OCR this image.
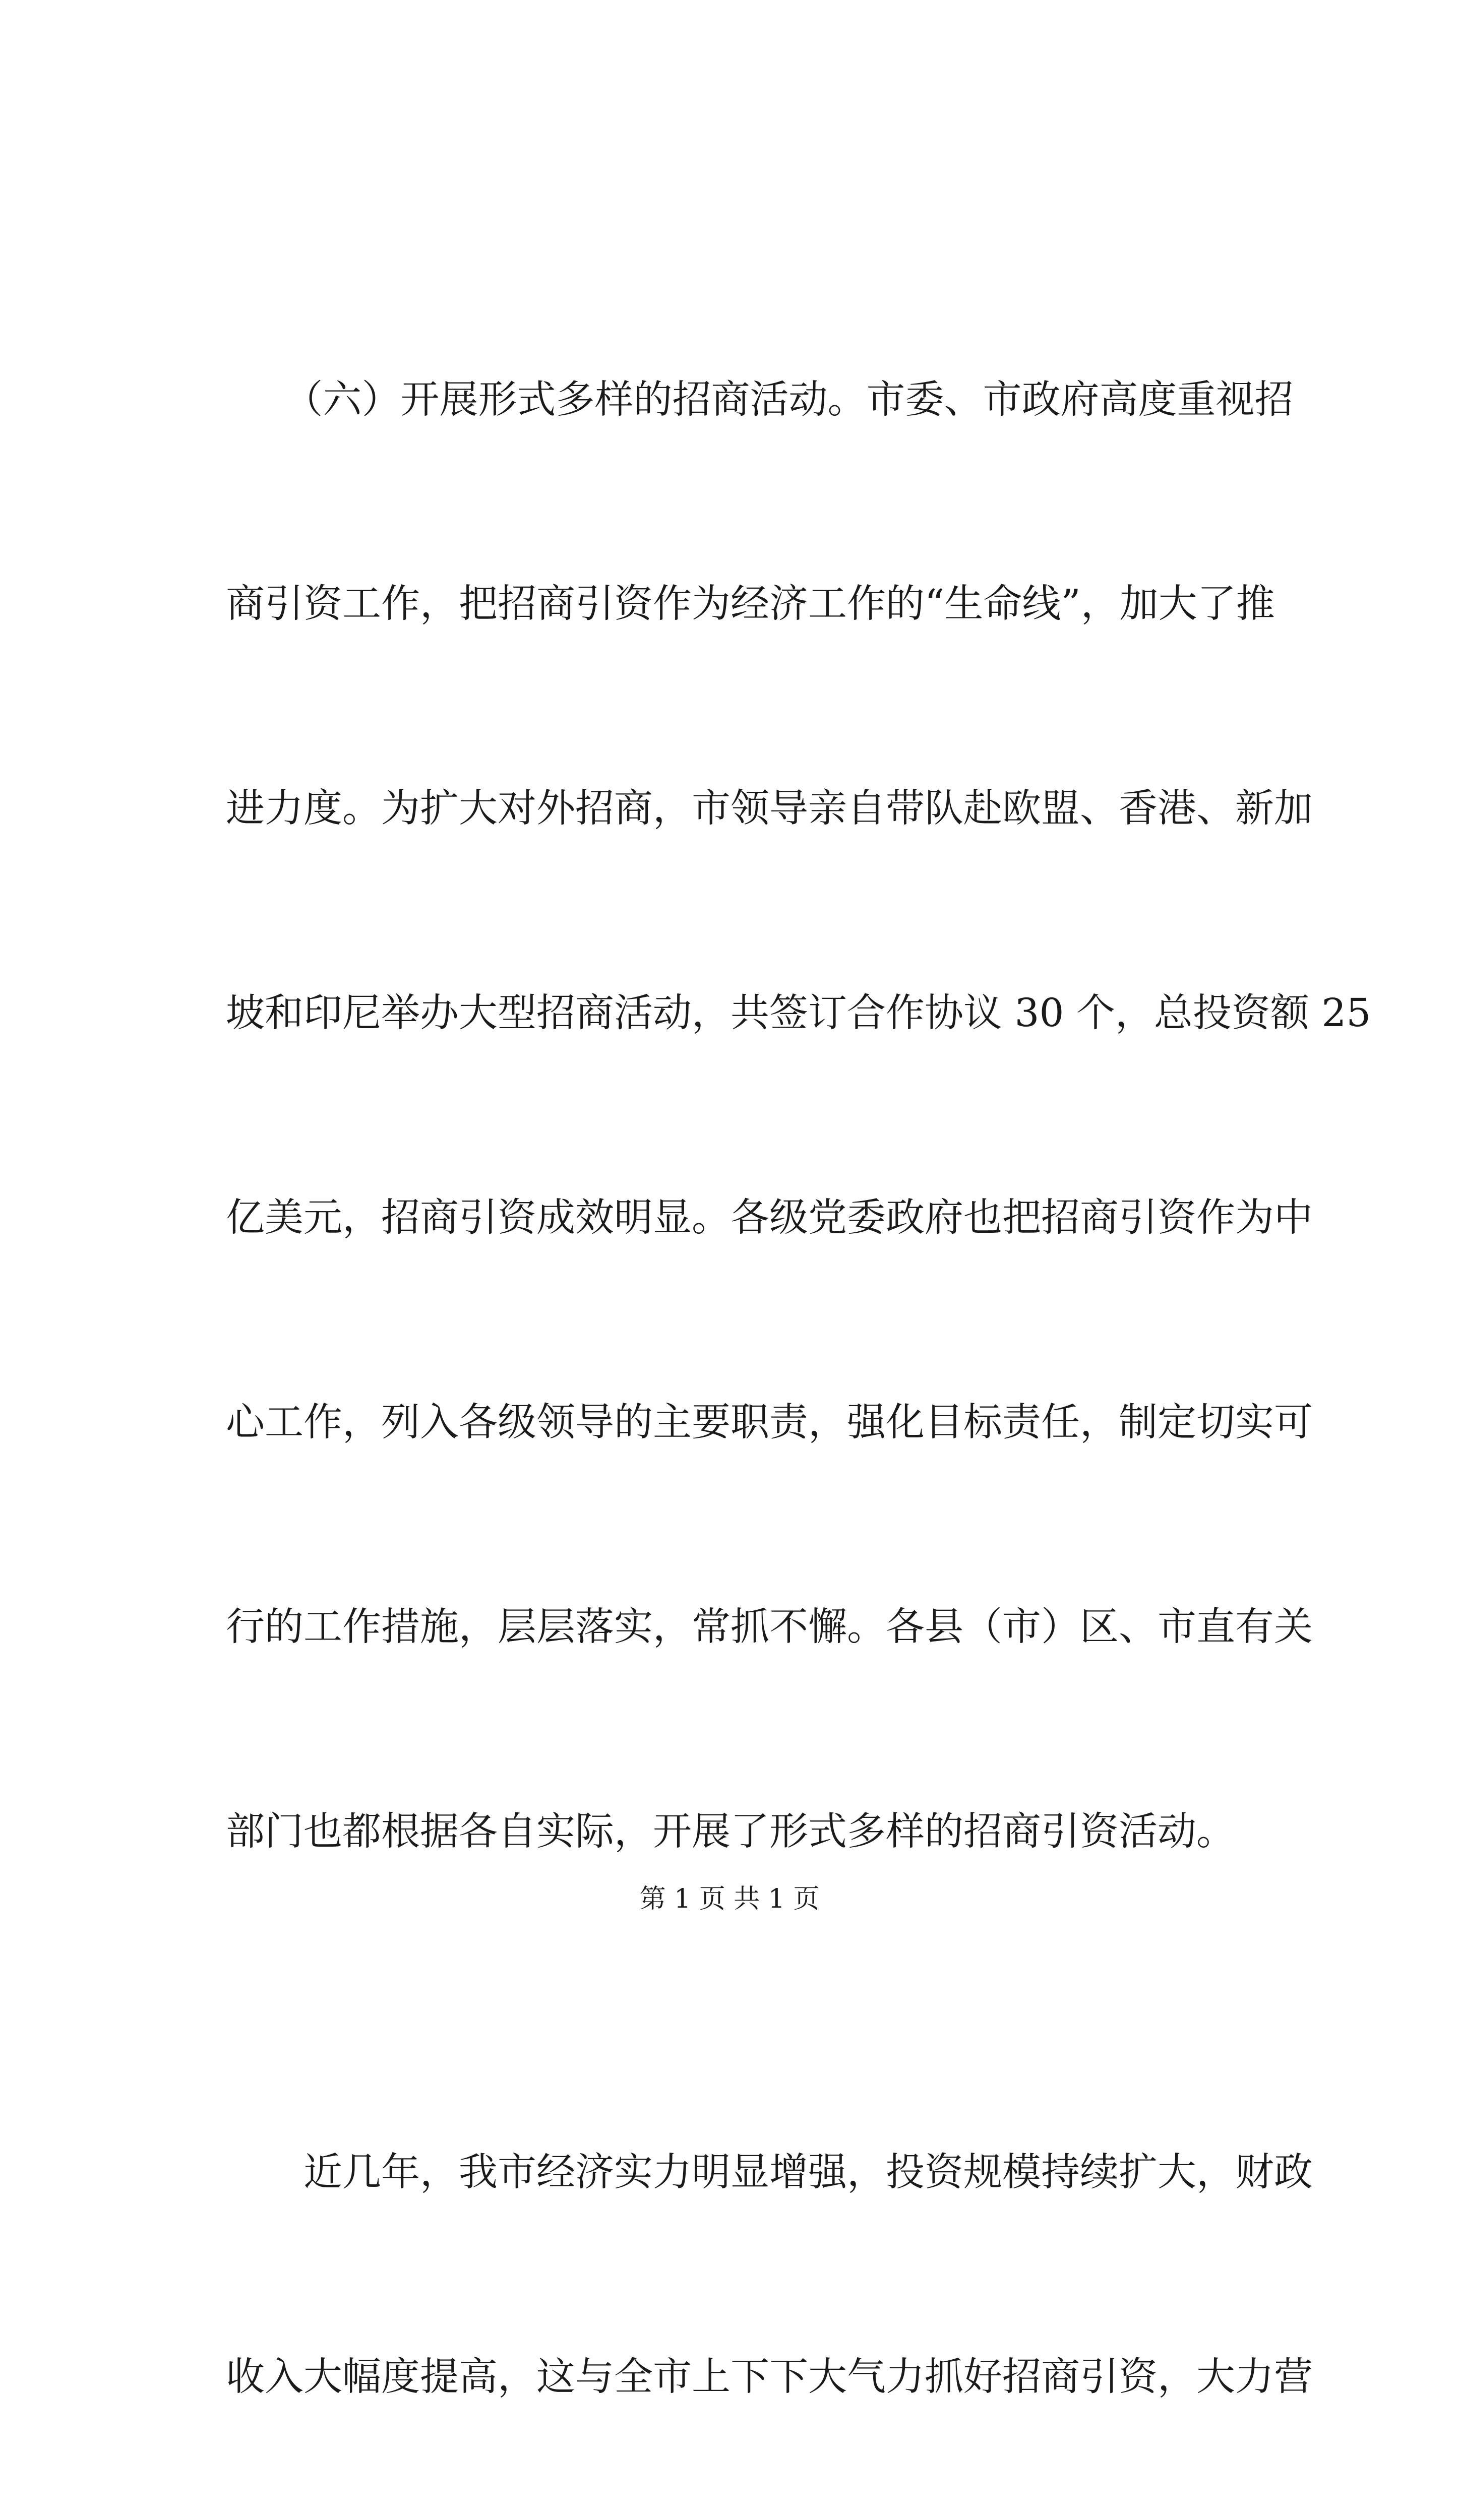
　　（六）开展形式多样的招商活动。市委、市政府高度重视招

商引资工作，把招商引资作为经济工作的“生命线”，加大了推

进力度。为扩大对外招商，市领导亲自带队赴欧盟、香港、新加

坡和印尼举办大型招商活动，共签订合作协议 30 个，总投资额 25

亿美元，招商引资成效明显。各级党委政府也把招商引资作为中

心工作，列入各级领导的主要职责，强化目标责任，制定切实可

行的工作措施，层层落实，常抓不懈。各县（市）区、市直有关

部门也都根据各自实际，开展了形式多样的招商引资活动。

　　近几年，我市经济实力明显增强，投资规模持续扩大，财政

收入大幅度提高，这与全市上下下大气力抓好招商引资，大力营

第 1 页 共 1 页
